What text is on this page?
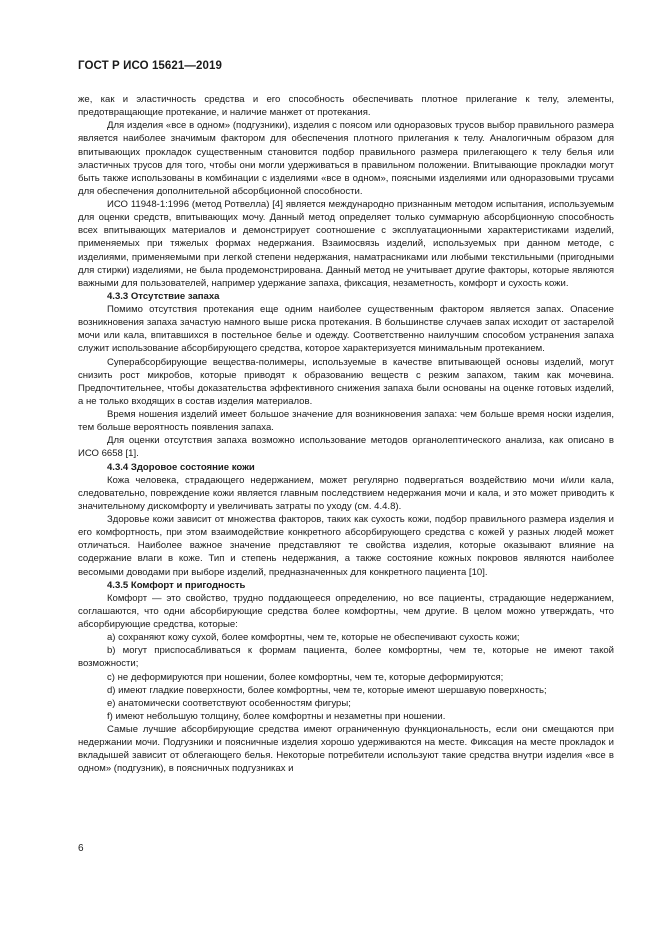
ГОСТ Р ИСО 15621—2019

же, как и эластичность средства и его способность обеспечивать плотное прилегание к телу, элементы, предотвращающие протекание, и наличие манжет от протекания.

Для изделия «все в одном» (подгузники), изделия с поясом или одноразовых трусов выбор правильного размера является наиболее значимым фактором для обеспечения плотного прилегания к телу. Аналогичным образом для впитывающих прокладок существенным становится подбор правильного размера прилегающего к телу белья или эластичных трусов для того, чтобы они могли удерживаться в правильном положении. Впитывающие прокладки могут быть также использованы в комбинации с изделиями «все в одном», поясными изделиями или одноразовыми трусами для обеспечения дополнительной абсорбционной способности.

ИСО 11948-1:1996 (метод Ротвелла) [4] является международно признанным методом испытания, используемым для оценки средств, впитывающих мочу. Данный метод определяет только суммарную абсорбционную способность всех впитывающих материалов и демонстрирует соотношение с эксплуатационными характеристиками изделий, применяемых при тяжелых формах недержания. Взаимосвязь изделий, используемых при данном методе, с изделиями, применяемыми при легкой степени недержания, наматрасниками или любыми текстильными (пригодными для стирки) изделиями, не была продемонстрирована. Данный метод не учитывает другие факторы, которые являются важными для пользователей, например удержание запаха, фиксация, незаметность, комфорт и сухость кожи.

4.3.3 Отсутствие запаха

Помимо отсутствия протекания еще одним наиболее существенным фактором является запах. Опасение возникновения запаха зачастую намного выше риска протекания. В большинстве случаев запах исходит от застарелой мочи или кала, впитавшихся в постельное белье и одежду. Соответственно наилучшим способом устранения запаха служит использование абсорбирующего средства, которое характеризуется минимальным протеканием.

Суперабсорбирующие вещества-полимеры, используемые в качестве впитывающей основы изделий, могут снизить рост микробов, которые приводят к образованию веществ с резким запахом, таким как мочевина. Предпочтительнее, чтобы доказательства эффективного снижения запаха были основаны на оценке готовых изделий, а не только входящих в состав изделия материалов.

Время ношения изделий имеет большое значение для возникновения запаха: чем больше время носки изделия, тем больше вероятность появления запаха.

Для оценки отсутствия запаха возможно использование методов органолептического анализа, как описано в ИСО 6658 [1].

4.3.4 Здоровое состояние кожи

Кожа человека, страдающего недержанием, может регулярно подвергаться воздействию мочи и/или кала, следовательно, повреждение кожи является главным последствием недержания мочи и кала, и это может приводить к значительному дискомфорту и увеличивать затраты по уходу (см. 4.4.8).

Здоровье кожи зависит от множества факторов, таких как сухость кожи, подбор правильного размера изделия и его комфортность, при этом взаимодействие конкретного абсорбирующего средства с кожей у разных людей может отличаться. Наиболее важное значение представляют те свойства изделия, которые оказывают влияние на содержание влаги в коже. Тип и степень недержания, а также состояние кожных покровов являются наиболее весомыми доводами при выборе изделий, предназначенных для конкретного пациента [10].

4.3.5 Комфорт и пригодность

Комфорт — это свойство, трудно поддающееся определению, но все пациенты, страдающие недержанием, соглашаются, что одни абсорбирующие средства более комфортны, чем другие. В целом можно утверждать, что абсорбирующие средства, которые:

а) сохраняют кожу сухой, более комфортны, чем те, которые не обеспечивают сухость кожи;

b) могут приспосабливаться к формам пациента, более комфортны, чем те, которые не имеют такой возможности;

c) не деформируются при ношении, более комфортны, чем те, которые деформируются;

d) имеют гладкие поверхности, более комфортны, чем те, которые имеют шершавую поверхность;

e) анатомически соответствуют особенностям фигуры;

f) имеют небольшую толщину, более комфортны и незаметны при ношении.

Самые лучшие абсорбирующие средства имеют ограниченную функциональность, если они смещаются при недержании мочи. Подгузники и поясничные изделия хорошо удерживаются на месте. Фиксация на месте прокладок и вкладышей зависит от облегающего белья. Некоторые потребители используют такие средства внутри изделия «все в одном» (подгузник), в поясничных подгузниках и

6
